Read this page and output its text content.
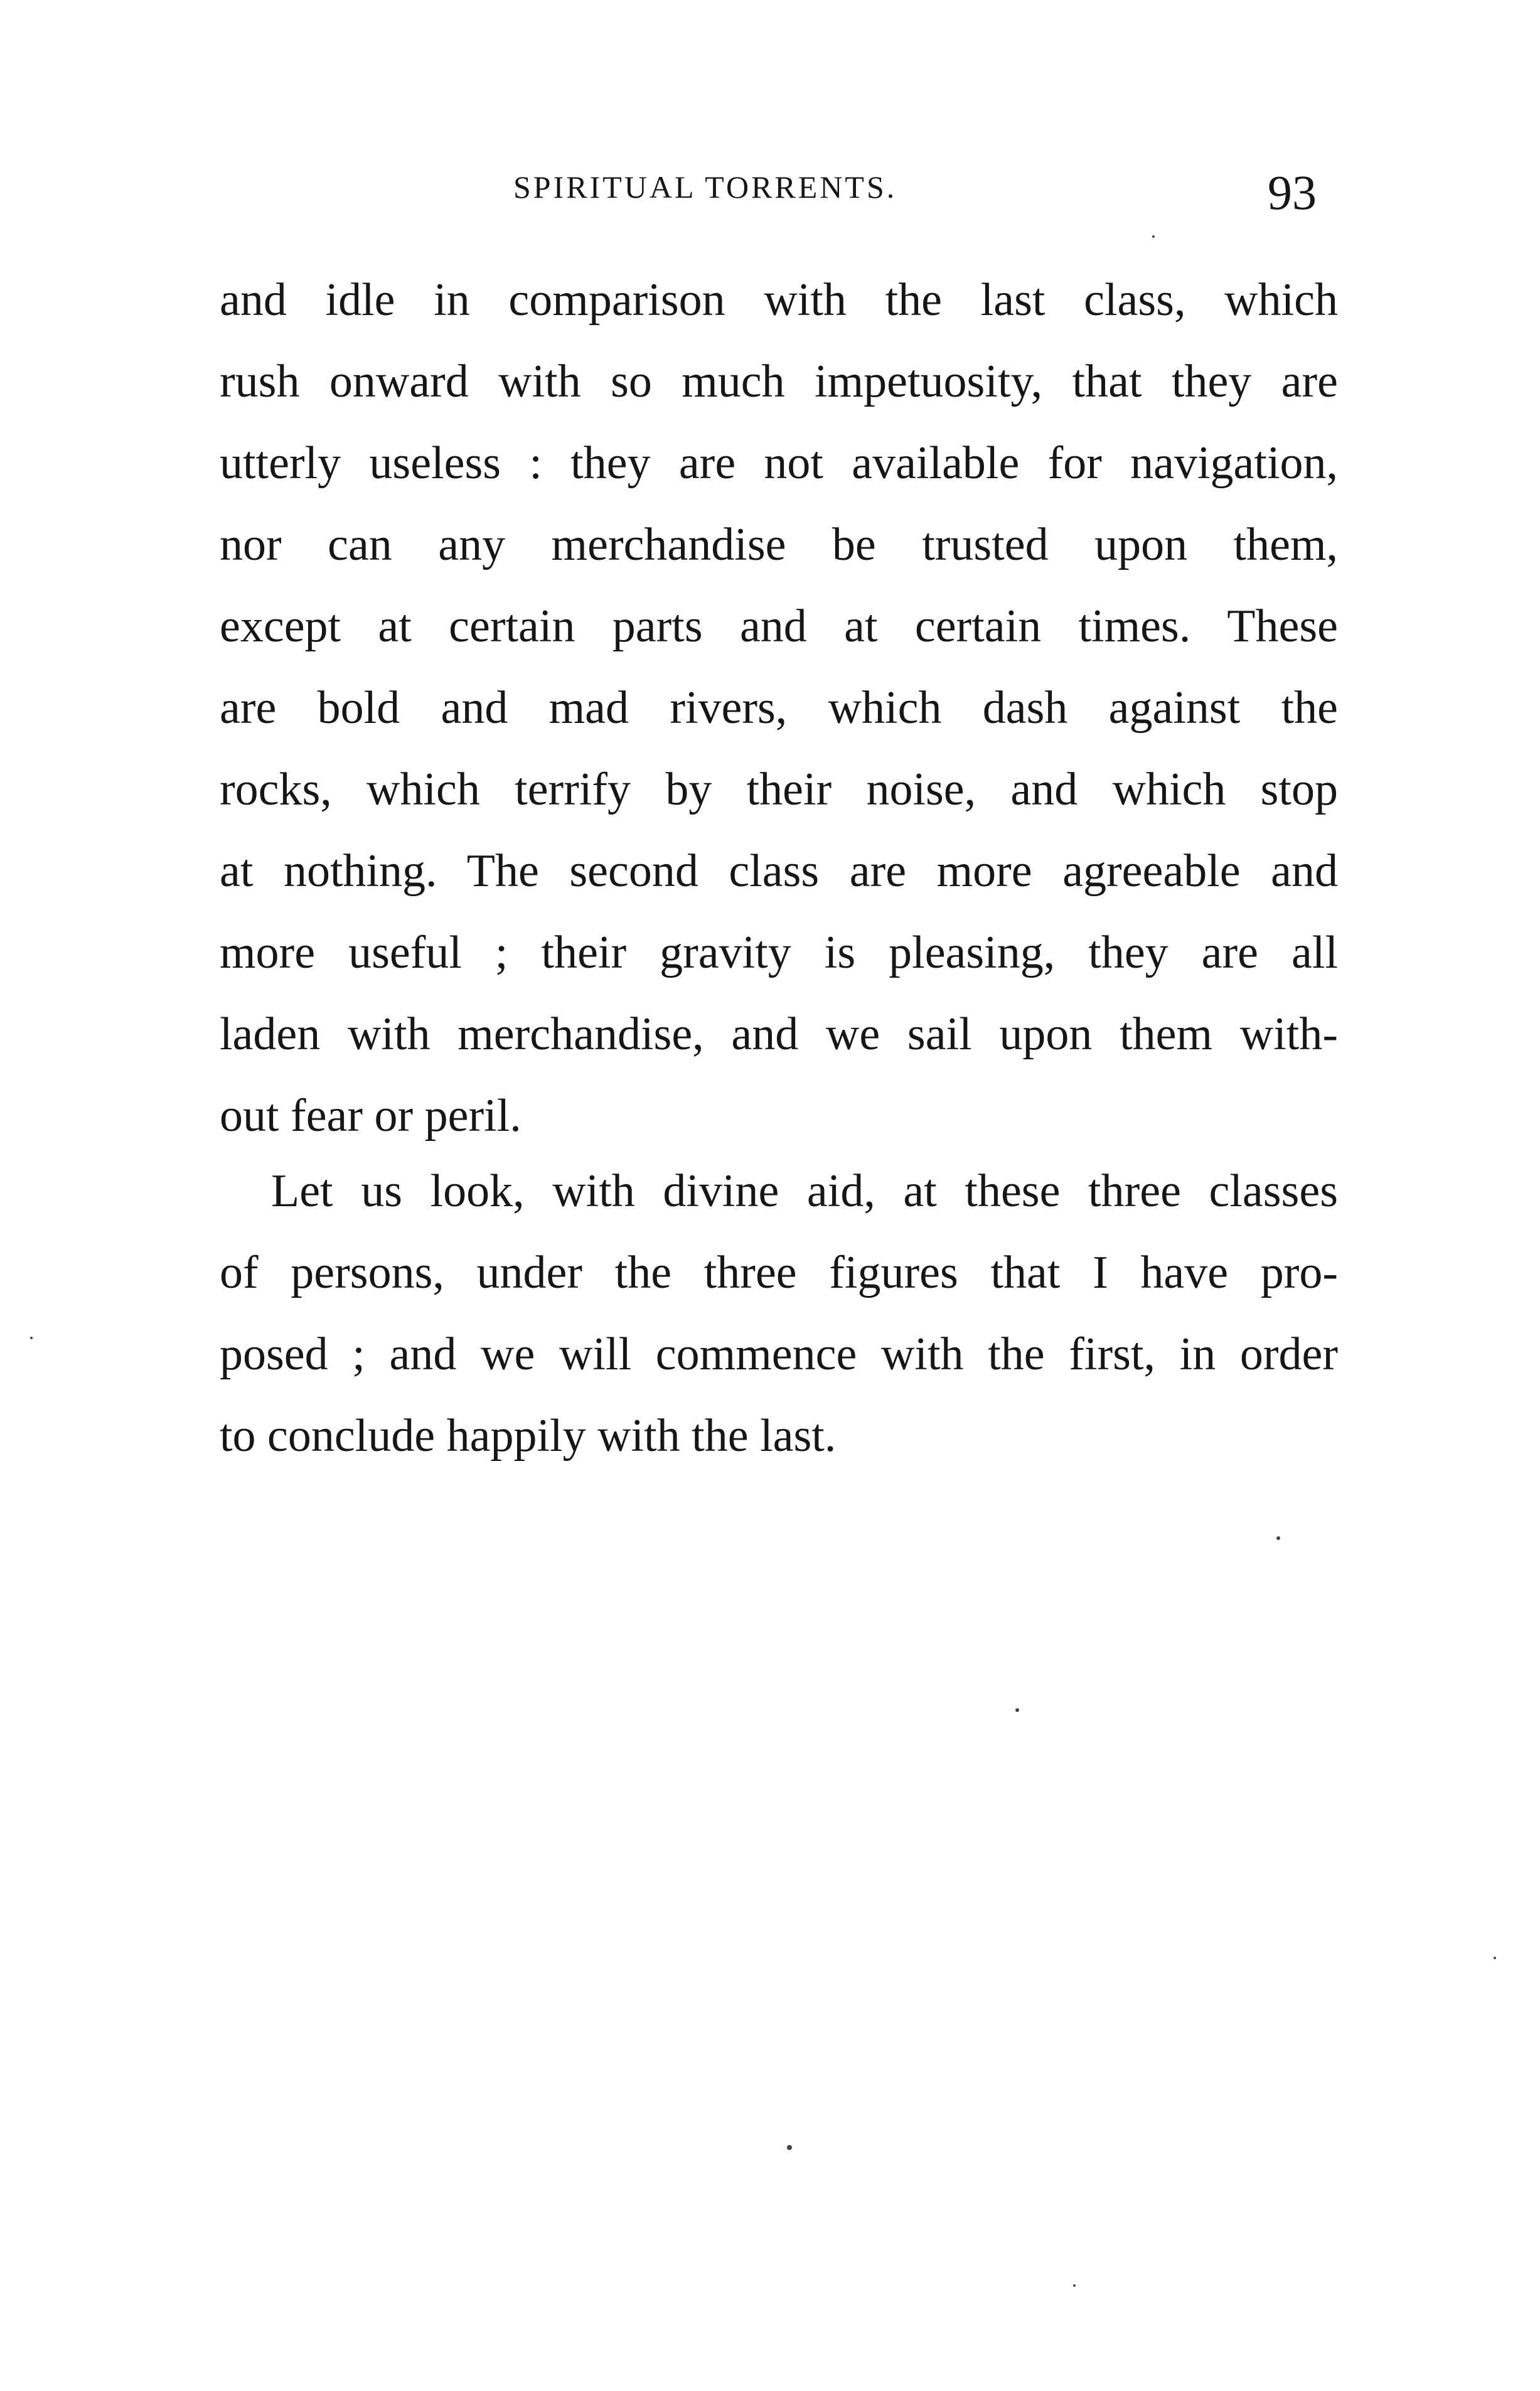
SPIRITUAL TORRENTS.	93
and idle in comparison with the last class, which
rush onward with so much impetuosity, that they are
utterly useless : they are not available for navigation,
nor can any merchandise be trusted upon them,
except at certain parts and at certain times. These
are bold and mad rivers, which dash against the
rocks, which terrify by their noise, and which stop
at nothing. The second class are more agreeable and
more useful ; their gravity is pleasing, they are all
laden with merchandise, and we sail upon them with-
out fear or peril.
Let us look, with divine aid, at these three classes
of persons, under the three figures that I have pro-
posed ; and we will commence with the first, in order
to conclude happily with the last.
